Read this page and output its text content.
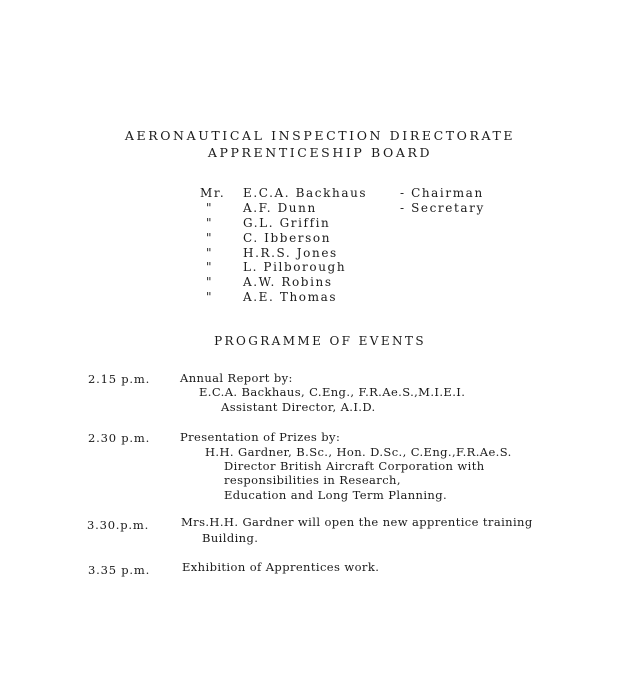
AERONAUTICAL INSPECTION DIRECTORATE
APPRENTICESHIP BOARD
Mr. E.C.A. Backhaus	- Chairman
" A.F. Dunn	- Secretary
" G.L. Griffin
" C. Ibberson
" H.R.S. Jones
" L. Pilborough
" A.W. Robins
" A.E. Thomas
PROGRAMME OF EVENTS
2.15 p.m.	Annual Report by:
E.C.A. Backhaus, C.Eng., F.R.Ae.S.,M.I.E.I.
Assistant Director, A.I.D.
2.30 p.m.	Presentation of Prizes by:
H.H. Gardner, B.Sc., Hon. D.Sc., C.Eng.,F.R.Ae.S.
Director British Aircraft Corporation with
responsibilities in Research,
Education and Long Term Planning.
3.30.p.m.	Mrs.H.H. Gardner will open the new apprentice training
Building.
3.35 p.m.	Exhibition of Apprentices work.
